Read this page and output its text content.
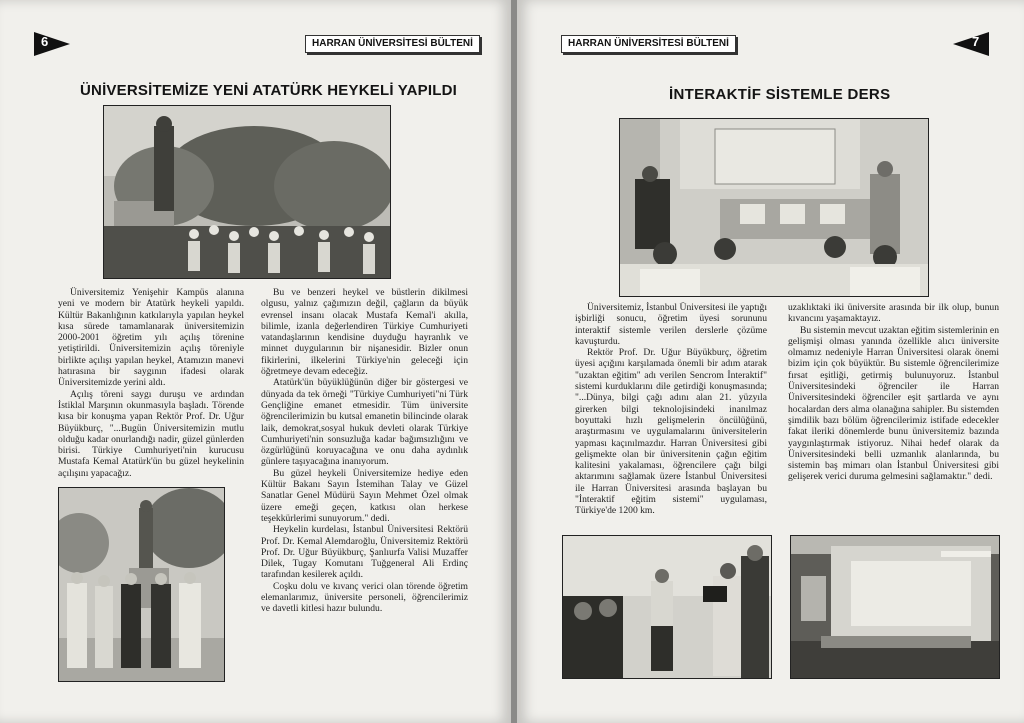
6	HARRAN ÜNİVERSİTESİ BÜLTENİ
ÜNİVERSİTEMİZE YENİ ATATÜRK HEYKELİ YAPILDI

Üniversitemiz Yenişehir Kampüs alanına yeni ve modern bir Atatürk heykeli yapıldı. Kültür Bakanlığının katkılarıyla yapılan heykel kısa sürede tamamlanarak üniversitemizin 2000-2001 öğretim yılı açılış törenine yetiştirildi. Üniversitemizin açılış töreniyle birlikte açılışı yapılan heykel, Atamızın manevi hatırasına bir saygının ifadesi olarak Üniversitemizde yerini aldı.

Açılış töreni saygı duruşu ve ardından İstiklal Marşının okunmasıyla başladı. Törende kısa bir konuşma yapan Rektör Prof. Dr. Uğur Büyükburç, "...Bugün Üniversitemizin mutlu olduğu kadar onurlandığı nadir, güzel günlerden birisi. Türkiye Cumhuriyeti'nin kurucusu Mustafa Kemal Atatürk'ün bu güzel heykelinin açılışını yapacağız.

Bu ve benzeri heykel ve büstlerin dikilmesi olgusu, yalnız çağımızın değil, çağların da büyük evrensel insanı olacak Mustafa Kemal'i akılla, bilimle, izanla değerlendiren Türkiye Cumhuriyeti vatandaşlarının kendisine duyduğu hayranlık ve minnet duygularının bir nişanesidir. Bizler onun fikirlerini, ilkelerini Türkiye'nin geleceği için öğretmeye devam edeceğiz.

Atatürk'ün büyüklüğünün diğer bir göstergesi ve dünyada da tek örneği "Türkiye Cumhuriyeti"ni Türk Gençliğine emanet etmesidir. Tüm üniversite öğrencilerimizin bu kutsal emanetin bilincinde olarak laik, demokrat,sosyal hukuk devleti olarak Türkiye Cumhuriyeti'nin sonsuzluğa kadar bağımsızlığını ve özgürlüğünü koruyacağına ve onu daha aydınlık günlere taşıyacağına inanıyorum.

Bu güzel heykeli Üniversitemize hediye eden Kültür Bakanı Sayın İstemihan Talay ve Güzel Sanatlar Genel Müdürü Sayın Mehmet Özel olmak üzere emeği geçen, katkısı olan herkese teşekkürlerimi sunuyorum." dedi.

Heykelin kurdelası, İstanbul Üniversitesi Rektörü Prof. Dr. Kemal Alemdaroğlu, Üniversitemiz Rektörü Prof. Dr. Uğur Büyükburç, Şanlıurfa Valisi Muzaffer Dilek, Tugay Komutanı Tuğgeneral Ali Erdinç tarafından kesilerek açıldı.

Coşku dolu ve kıvanç verici olan törende öğretim elemanlarımız, üniversite personeli, öğrencilerimiz ve davetli kitlesi hazır bulundu.

7
HARRAN ÜNİVERSİTESİ BÜLTENİ
İNTERAKTİF SİSTEMLE DERS

Üniversitemiz, İstanbul Üniversitesi ile yaptığı işbirliği sonucu, öğretim üyesi sorununu interaktif sistemle verilen derslerle çözüme kavuşturdu.

Rektör Prof. Dr. Uğur Büyükburç, öğretim üyesi açığını karşılamada önemli bir adım atarak "uzaktan eğitim" adı verilen Sencrom İnteraktif" sistemi kurduklarını dile getirdiği konuşmasında; "...Dünya, bilgi çağı adını alan 21. yüzyıla girerken bilgi teknolojisindeki inanılmaz boyuttaki hızlı gelişmelerin öncülüğünü, araştırmasını ve uygulamalarını üniversitelerin yapması kaçınılmazdır. Harran Üniversitesi gibi gelişmekte olan bir üniversitenin çağın eğitim kalitesini yakalaması, öğrencilere çağı bilgi aktarımını sağlamak üzere İstanbul Üniversitesi ile Harran Üniversitesi arasında başlayan bu "İnteraktif eğitim sistemi" uygulaması, Türkiye'de 1200 km.

uzaklıktaki iki üniversite arasında bir ilk olup, bunun kıvancını yaşamaktayız.

Bu sistemin mevcut uzaktan eğitim sistemlerinin en gelişmişi olması yanında özellikle alıcı üniversite olmamız nedeniyle Harran Üniversitesi olarak önemi bizim için çok büyüktür. Bu sistemle öğrencilerimize fırsat eşitliği, getirmiş bulunuyoruz. İstanbul Üniversitesindeki öğrenciler ile Harran Üniversitesindeki öğrenciler eşit şartlarda ve aynı hocalardan ders alma olanağına sahipler. Bu sistemden şimdilik bazı bölüm öğrencilerimiz istifade edecekler fakat ileriki dönemlerde bunu üniversitemiz bazında yaygınlaştırmak istiyoruz. Nihai hedef olarak da Üniversitesindeki belli uzmanlık alanlarında, bu sistemin baş mimarı olan İstanbul Üniversitesi gibi gelişerek verici duruma gelmesini sağlamaktır." dedi.
